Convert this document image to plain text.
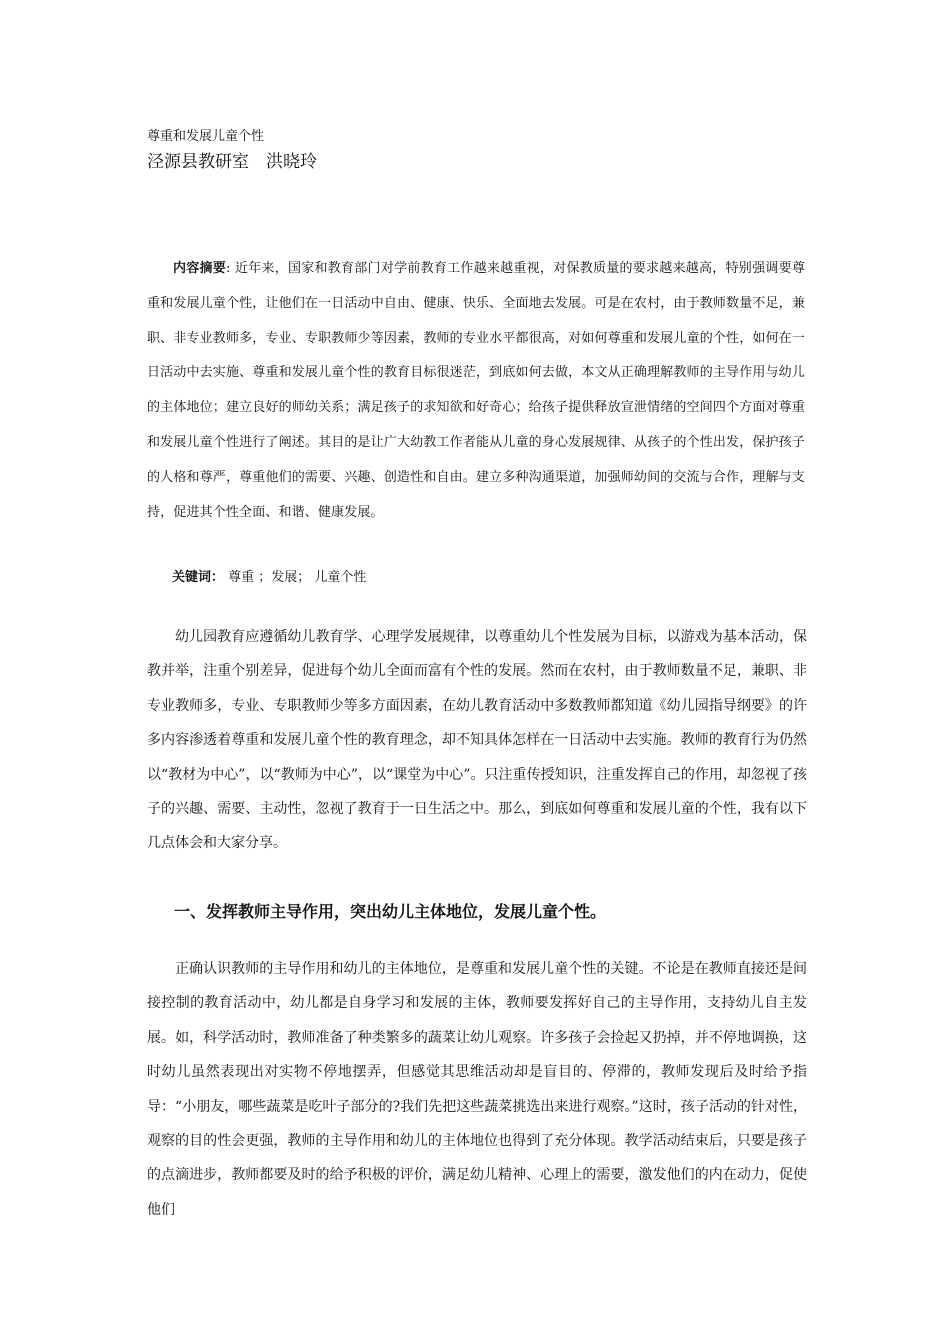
尊重和发展儿童个性
泾源县教研室　洪晓玲
内容摘要: 近年来，国家和教育部门对学前教育工作越来越重视，对保教质量的要求越来越高，特别强调要尊重和发展儿童个性，让他们在一日活动中自由、健康、快乐、全面地去发展。可是在农村，由于教师数量不足，兼职、非专业教师多，专业、专职教师少等因素，教师的专业水平都很高，对如何尊重和发展儿童的个性，如何在一日活动中去实施、尊重和发展儿童个性的教育目标很迷茫，到底如何去做，本文从正确理解教师的主导作用与幼儿的主体地位；建立良好的师幼关系；满足孩子的求知欲和好奇心；给孩子提供释放宣泄情绪的空间四个方面对尊重和发展儿童个性进行了阐述。其目的是让广大幼教工作者能从儿童的身心发展规律、从孩子的个性出发，保护孩子的人格和尊严，尊重他们的需要、兴趣、创造性和自由。建立多种沟通渠道，加强师幼间的交流与合作，理解与支持，促进其个性全面、和谐、健康发展。
关键词： 尊重 ；发展； 儿童个性
幼儿园教育应遵循幼儿教育学、心理学发展规律，以尊重幼儿个性发展为目标，以游戏为基本活动，保教并举，注重个别差异，促进每个幼儿全面而富有个性的发展。然而在农村，由于教师数量不足，兼职、非专业教师多，专业、专职教师少等多方面因素，在幼儿教育活动中多数教师都知道《幼儿园指导纲要》的许多内容渗透着尊重和发展儿童个性的教育理念，却不知具体怎样在一日活动中去实施。教师的教育行为仍然以“教材为中心”，以“教师为中心”，以“课堂为中心”。只注重传授知识，注重发挥自己的作用，却忽视了孩子的兴趣、需要、主动性，忽视了教育于一日生活之中。那么，到底如何尊重和发展儿童的个性，我有以下几点体会和大家分享。
一、发挥教师主导作用，突出幼儿主体地位，发展儿童个性。
正确认识教师的主导作用和幼儿的主体地位，是尊重和发展儿童个性的关键。不论是在教师直接还是间接控制的教育活动中，幼儿都是自身学习和发展的主体，教师要发挥好自己的主导作用，支持幼儿自主发展。如，科学活动时，教师准备了种类繁多的蔬菜让幼儿观察。许多孩子会捡起又扔掉，并不停地调换，这时幼儿虽然表现出对实物不停地摆弄，但感觉其思维活动却是盲目的、停滞的，教师发现后及时给予指导：“小朋友，哪些蔬菜是吃叶子部分的?我们先把这些蔬菜挑选出来进行观察。”这时，孩子活动的针对性，观察的目的性会更强，教师的主导作用和幼儿的主体地位也得到了充分体现。教学活动结束后，只要是孩子的点滴进步，教师都要及时的给予积极的评价，满足幼儿精神、心理上的需要，激发他们的内在动力，促使他们
